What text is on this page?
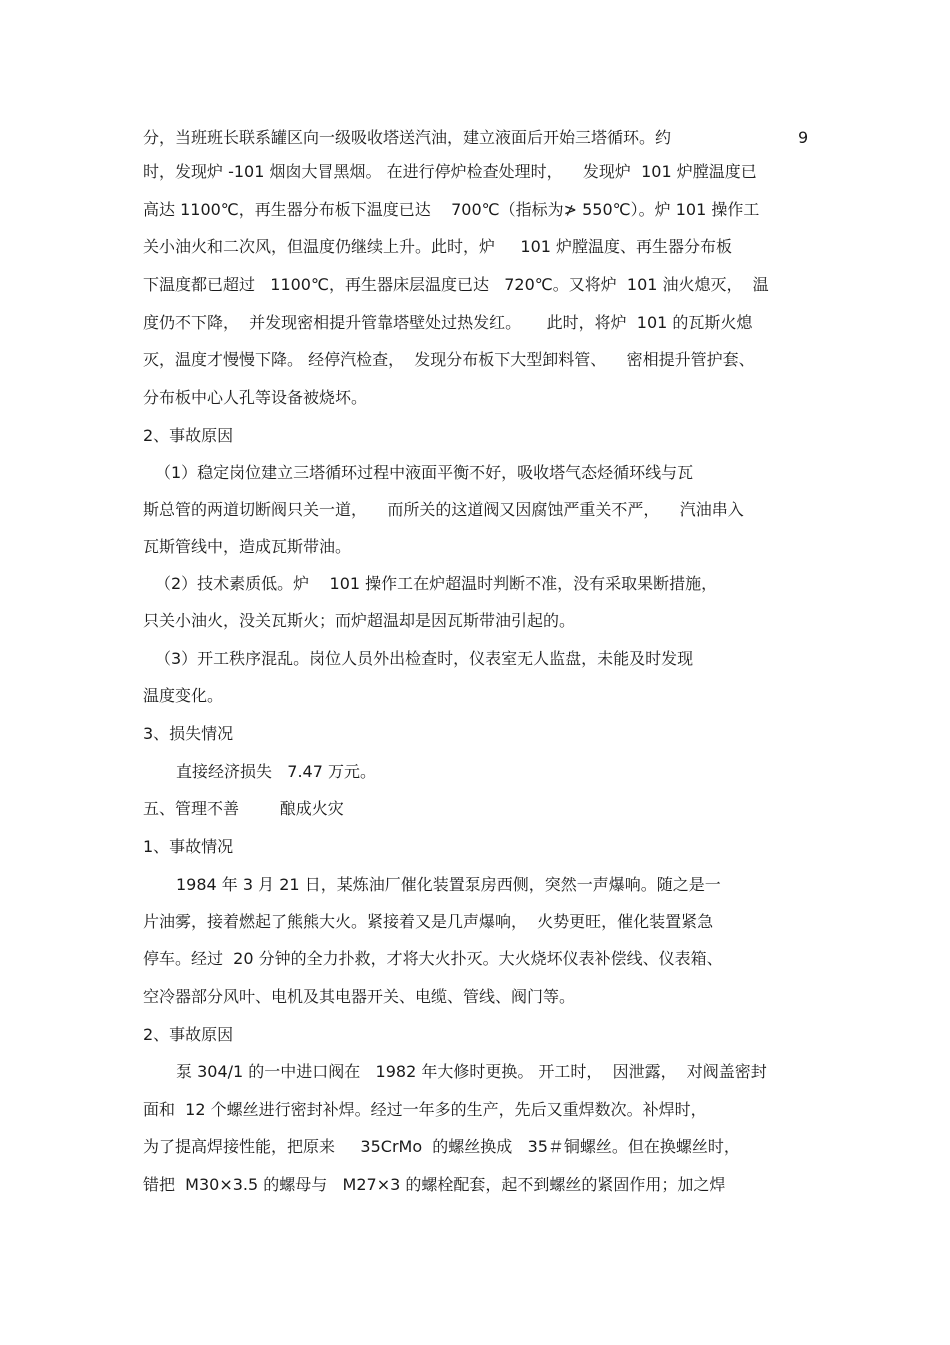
分，当班班长联系罐区向一级吸收塔送汽油，建立液面后开始三塔循环。约	9
时，发现炉 -101 烟囱大冒黑烟。 在进行停炉检查处理时，    发现炉  101 炉膛温度已
高达 1100℃，再生器分布板下温度已达    700℃（指标为≯ 550℃）。炉 101 操作工
关小油火和二次风，但温度仍继续上升。此时，炉     101 炉膛温度、再生器分布板
下温度都已超过   1100℃，再生器床层温度已达   720℃。又将炉  101 油火熄灭，  温
度仍不下降，  并发现密相提升管靠塔壁处过热发红。     此时，将炉  101 的瓦斯火熄
灭，温度才慢慢下降。 经停汽检查，  发现分布板下大型卸料管、    密相提升管护套、
分布板中心人孔等设备被烧坏。
2、事故原因
（1）稳定岗位建立三塔循环过程中液面平衡不好，吸收塔气态烃循环线与瓦
斯总管的两道切断阀只关一道，    而所关的这道阀又因腐蚀严重关不严，    汽油串入
瓦斯管线中，造成瓦斯带油。
（2）技术素质低。炉    101 操作工在炉超温时判断不准，没有采取果断措施，
只关小油火，没关瓦斯火；而炉超温却是因瓦斯带油引起的。
（3）开工秩序混乱。岗位人员外出检查时，仪表室无人监盘，未能及时发现
温度变化。
3、损失情况
直接经济损失   7.47 万元。
五、管理不善        酿成火灾
1、事故情况
1984 年 3 月 21 日，某炼油厂催化装置泵房西侧，突然一声爆响。随之是一
片油雾，接着燃起了熊熊大火。紧接着又是几声爆响，  火势更旺，催化装置紧急
停车。经过  20 分钟的全力扑救，才将大火扑灭。大火烧坏仪表补偿线、仪表箱、
空冷器部分风叶、电机及其电器开关、电缆、管线、阀门等。
2、事故原因
泵 304/1 的一中进口阀在   1982 年大修时更换。 开工时，  因泄露，  对阀盖密封
面和  12 个螺丝进行密封补焊。经过一年多的生产，先后又重焊数次。补焊时，
为了提高焊接性能，把原来     35CrMo  的螺丝换成   35＃铜螺丝。但在换螺丝时，
错把  M30×3.5 的螺母与   M27×3 的螺栓配套，起不到螺丝的紧固作用；加之焊
